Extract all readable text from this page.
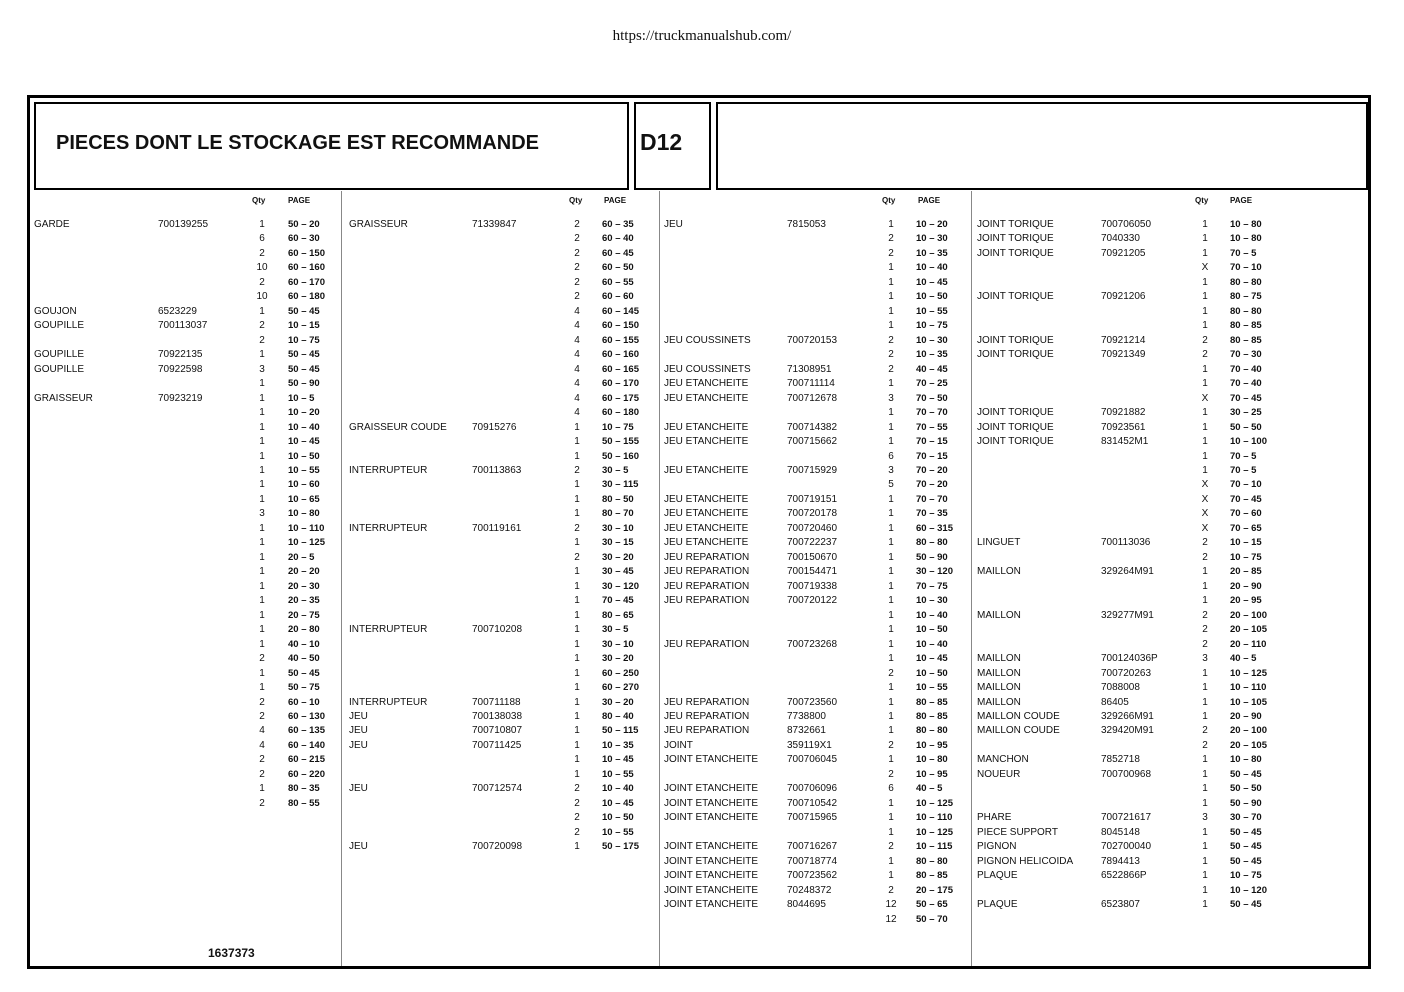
https://truckmanualshub.com/
PIECES DONT LE STOCKAGE EST RECOMMANDE	D12
Qty	PAGE	Qty	PAGE	Qty	PAGE	Qty	PAGE
GARDE	700139255	1	50 – 20
6	60 – 30
2	60 – 150
10	60 – 160
2	60 – 170
10	60 – 180
GOUJON	6523229	1	50 – 45
GOUPILLE	700113037	2	10 – 15
2	10 – 75
GOUPILLE	70922135	1	50 – 45
GOUPILLE	70922598	3	50 – 45
1	50 – 90
GRAISSEUR	70923219	1	10 – 5
1	10 – 20
1	10 – 40
1	10 – 45
1	10 – 50
1	10 – 55
1	10 – 60
1	10 – 65
3	10 – 80
1	10 – 110
1	10 – 125
1	20 – 5
1	20 – 20
1	20 – 30
1	20 – 35
1	20 – 75
1	20 – 80
1	40 – 10
2	40 – 50
1	50 – 45
1	50 – 75
2	60 – 10
2	60 – 130
4	60 – 135
4	60 – 140
2	60 – 215
2	60 – 220
1	80 – 35
2	80 – 55
GRAISSEUR	71339847	2	60 – 35
2	60 – 40
2	60 – 45
2	60 – 50
2	60 – 55
2	60 – 60
4	60 – 145
4	60 – 150
4	60 – 155
4	60 – 160
4	60 – 165
4	60 – 170
4	60 – 175
4	60 – 180
GRAISSEUR COUDE	70915276	1	10 – 75
1	50 – 155
1	50 – 160
INTERRUPTEUR	700113863	2	30 – 5
1	30 – 115
1	80 – 50
1	80 – 70
INTERRUPTEUR	700119161	2	30 – 10
1	30 – 15
2	30 – 20
1	30 – 45
1	30 – 120
1	70 – 45
1	80 – 65
INTERRUPTEUR	700710208	1	30 – 5
1	30 – 10
1	30 – 20
1	60 – 250
1	60 – 270
INTERRUPTEUR	700711188	1	30 – 20
JEU	700138038	1	80 – 40
JEU	700710807	1	50 – 115
JEU	700711425	1	10 – 35
1	10 – 45
1	10 – 55
JEU	700712574	2	10 – 40
2	10 – 45
2	10 – 50
2	10 – 55
JEU	700720098	1	50 – 175
JEU	7815053	1	10 – 20
2	10 – 30
2	10 – 35
1	10 – 40
1	10 – 45
1	10 – 50
1	10 – 55
1	10 – 75
JEU COUSSINETS	700720153	2	10 – 30
2	10 – 35
JEU COUSSINETS	71308951	2	40 – 45
JEU ETANCHEITE	700711114	1	70 – 25
JEU ETANCHEITE	700712678	3	70 – 50
1	70 – 70
JEU ETANCHEITE	700714382	1	70 – 55
JEU ETANCHEITE	700715662	1	70 – 15
6	70 – 15
JEU ETANCHEITE	700715929	3	70 – 20
5	70 – 20
JEU ETANCHEITE	700719151	1	70 – 70
JEU ETANCHEITE	700720178	1	70 – 35
JEU ETANCHEITE	700720460	1	60 – 315
JEU ETANCHEITE	700722237	1	80 – 80
JEU REPARATION	700150670	1	50 – 90
JEU REPARATION	700154471	1	30 – 120
JEU REPARATION	700719338	1	70 – 75
JEU REPARATION	700720122	1	10 – 30
1	10 – 40
1	10 – 50
JEU REPARATION	700723268	1	10 – 40
1	10 – 45
2	10 – 50
1	10 – 55
JEU REPARATION	700723560	1	80 – 85
JEU REPARATION	7738800	1	80 – 85
JEU REPARATION	8732661	1	80 – 80
JOINT	359119X1	2	10 – 95
JOINT ETANCHEITE	700706045	1	10 – 80
2	10 – 95
JOINT ETANCHEITE	700706096	6	40 – 5
JOINT ETANCHEITE	700710542	1	10 – 125
JOINT ETANCHEITE	700715965	1	10 – 110
1	10 – 125
JOINT ETANCHEITE	700716267	2	10 – 115
JOINT ETANCHEITE	700718774	1	80 – 80
JOINT ETANCHEITE	700723562	1	80 – 85
JOINT ETANCHEITE	70248372	2	20 – 175
JOINT ETANCHEITE	8044695	12	50 – 65
12	50 – 70
JOINT TORIQUE	700706050	1	10 – 80
JOINT TORIQUE	7040330	1	10 – 80
JOINT TORIQUE	70921205	1	70 – 5
X	70 – 10
1	80 – 80
JOINT TORIQUE	70921206	1	80 – 75
1	80 – 80
1	80 – 85
JOINT TORIQUE	70921214	2	80 – 85
JOINT TORIQUE	70921349	2	70 – 30
1	70 – 40
1	70 – 40
X	70 – 45
JOINT TORIQUE	70921882	1	30 – 25
JOINT TORIQUE	70923561	1	50 – 50
JOINT TORIQUE	831452M1	1	10 – 100
1	70 – 5
1	70 – 5
X	70 – 10
X	70 – 45
X	70 – 60
X	70 – 65
LINGUET	700113036	2	10 – 15
2	10 – 75
MAILLON	329264M91	1	20 – 85
1	20 – 90
1	20 – 95
MAILLON	329277M91	2	20 – 100
2	20 – 105
2	20 – 110
MAILLON	700124036P	3	40 – 5
MAILLON	700720263	1	10 – 125
MAILLON	7088008	1	10 – 110
MAILLON	86405	1	10 – 105
MAILLON COUDE	329266M91	1	20 – 90
MAILLON COUDE	329420M91	2	20 – 100
2	20 – 105
MANCHON	7852718	1	10 – 80
NOUEUR	700700968	1	50 – 45
1	50 – 50
1	50 – 90
PHARE	700721617	3	30 – 70
PIECE SUPPORT	8045148	1	50 – 45
PIGNON	702700040	1	50 – 45
PIGNON HELICOIDA	7894413	1	50 – 45
PLAQUE	6522866P	1	10 – 75
1	10 – 120
PLAQUE	6523807	1	50 – 45
1637373
